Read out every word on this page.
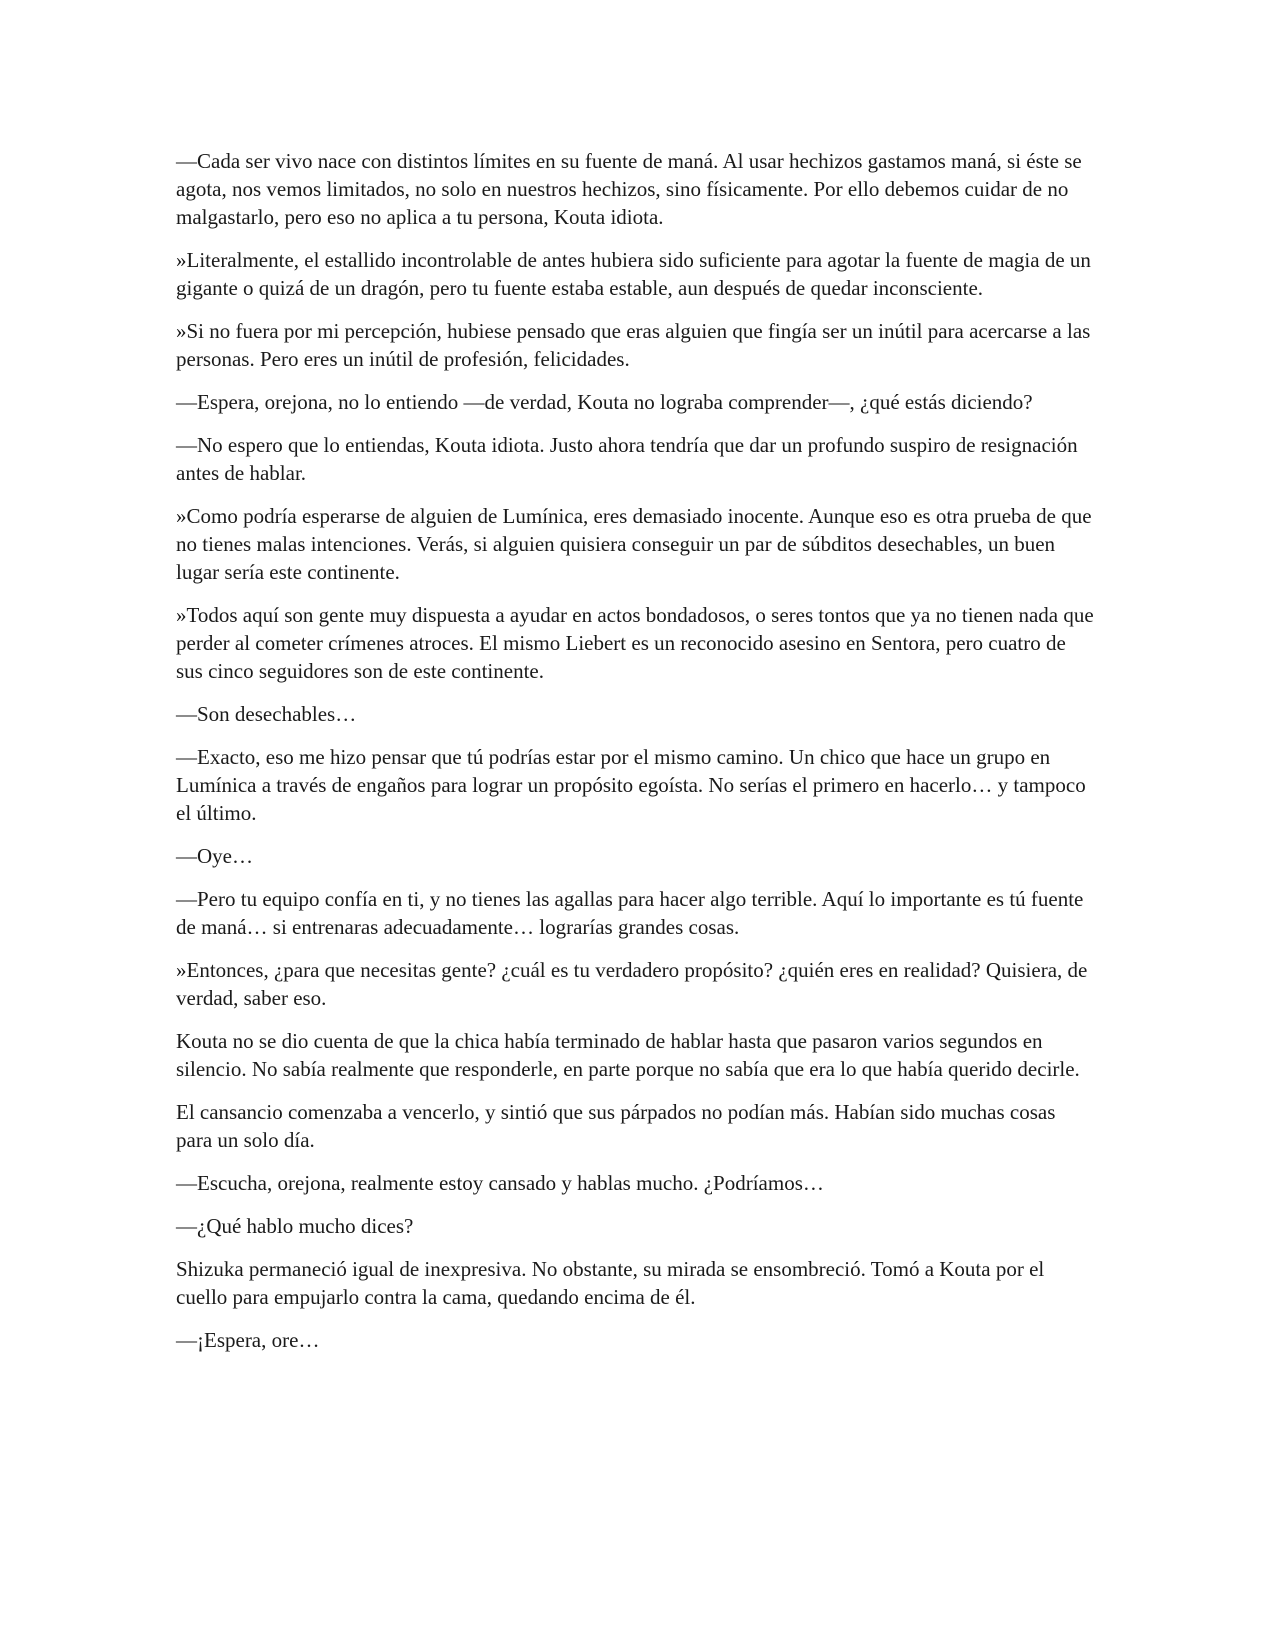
—Cada ser vivo nace con distintos límites en su fuente de maná. Al usar hechizos gastamos maná, si éste se agota, nos vemos limitados, no solo en nuestros hechizos, sino físicamente. Por ello debemos cuidar de no malgastarlo, pero eso no aplica a tu persona, Kouta idiota.

»Literalmente, el estallido incontrolable de antes hubiera sido suficiente para agotar la fuente de magia de un gigante o quizá de un dragón, pero tu fuente estaba estable, aun después de quedar inconsciente.

»Si no fuera por mi percepción, hubiese pensado que eras alguien que fingía ser un inútil para acercarse a las personas. Pero eres un inútil de profesión, felicidades.

—Espera, orejona, no lo entiendo —de verdad, Kouta no lograba comprender—, ¿qué estás diciendo?

—No espero que lo entiendas, Kouta idiota. Justo ahora tendría que dar un profundo suspiro de resignación antes de hablar.

»Como podría esperarse de alguien de Lumínica, eres demasiado inocente. Aunque eso es otra prueba de que no tienes malas intenciones. Verás, si alguien quisiera conseguir un par de súbditos desechables, un buen lugar sería este continente.

»Todos aquí son gente muy dispuesta a ayudar en actos bondadosos, o seres tontos que ya no tienen nada que perder al cometer crímenes atroces. El mismo Liebert es un reconocido asesino en Sentora, pero cuatro de sus cinco seguidores son de este continente.

—Son desechables…

—Exacto, eso me hizo pensar que tú podrías estar por el mismo camino. Un chico que hace un grupo en Lumínica a través de engaños para lograr un propósito egoísta. No serías el primero en hacerlo… y tampoco el último.

—Oye…

—Pero tu equipo confía en ti, y no tienes las agallas para hacer algo terrible. Aquí lo importante es tú fuente de maná… si entrenaras adecuadamente… lograrías grandes cosas.

»Entonces, ¿para que necesitas gente? ¿cuál es tu verdadero propósito? ¿quién eres en realidad? Quisiera, de verdad, saber eso.

Kouta no se dio cuenta de que la chica había terminado de hablar hasta que pasaron varios segundos en silencio. No sabía realmente que responderle, en parte porque no sabía que era lo que había querido decirle.

El cansancio comenzaba a vencerlo, y sintió que sus párpados no podían más. Habían sido muchas cosas para un solo día.

—Escucha, orejona, realmente estoy cansado y hablas mucho. ¿Podríamos…

—¿Qué hablo mucho dices?

Shizuka permaneció igual de inexpresiva. No obstante, su mirada se ensombreció. Tomó a Kouta por el cuello para empujarlo contra la cama, quedando encima de él.

—¡Espera, ore…
